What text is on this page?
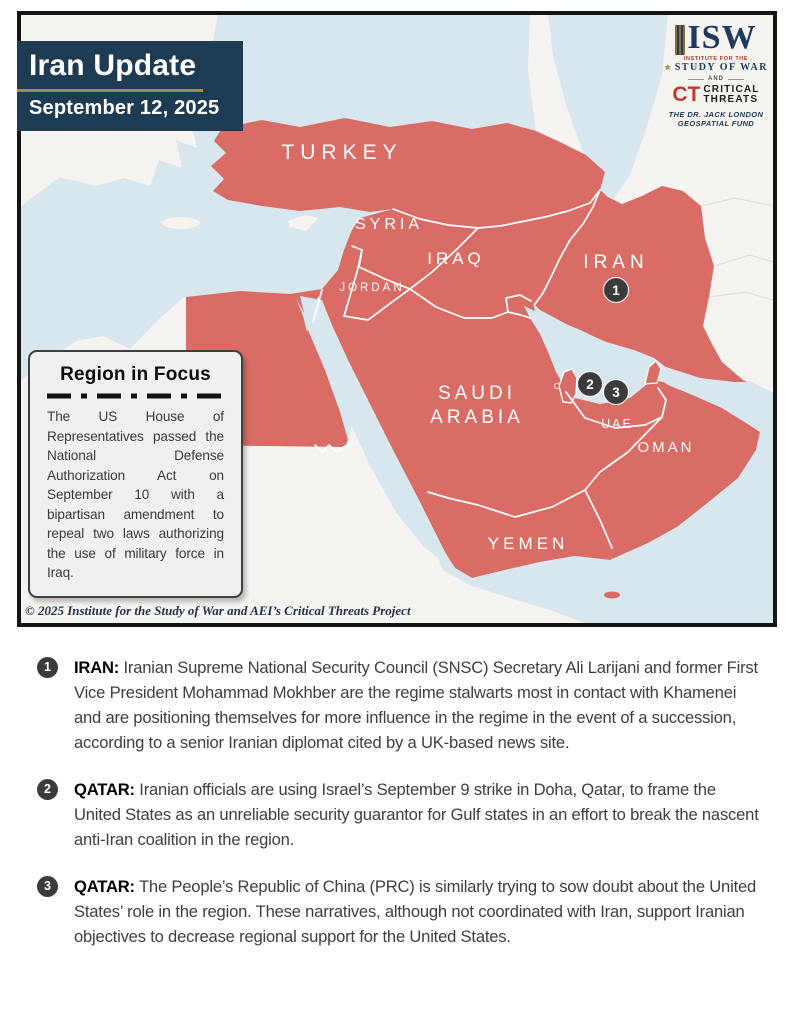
TURKEY
SYRIA
IRAQ
JORDAN
IRAN
SAUDI
ARABIA	UAE
OMAN
YEMEN
1
2
3
Iran Update
September 12, 2025
ISW
INSTITUTE FOR THE
★ STUDY OF WAR
AND
CT CRITICAL
THREATS
THE DR. JACK LONDON
GEOSPATIAL FUND
Region in Focus
The US House of Representatives passed the National Defense Authorization Act on September 10 with a bipartisan amendment to repeal two laws authorizing the use of military force in Iraq.
© 2025 Institute for the Study of War and AEI’s Critical Threats Project
1	IRAN: Iranian Supreme National Security Council (SNSC) Secretary Ali Larijani and former First Vice President Mohammad Mokhber are the regime stalwarts most in contact with Khamenei and are positioning themselves for more influence in the regime in the event of a succession, according to a senior Iranian diplomat cited by a UK-based news site.
2	QATAR: Iranian officials are using Israel’s September 9 strike in Doha, Qatar, to frame the United States as an unreliable security guarantor for Gulf states in an effort to break the nascent anti-Iran coalition in the region.
3	QATAR: The People’s Republic of China (PRC) is similarly trying to sow doubt about the United States’ role in the region. These narratives, although not coordinated with Iran, support Iranian objectives to decrease regional support for the United States.
